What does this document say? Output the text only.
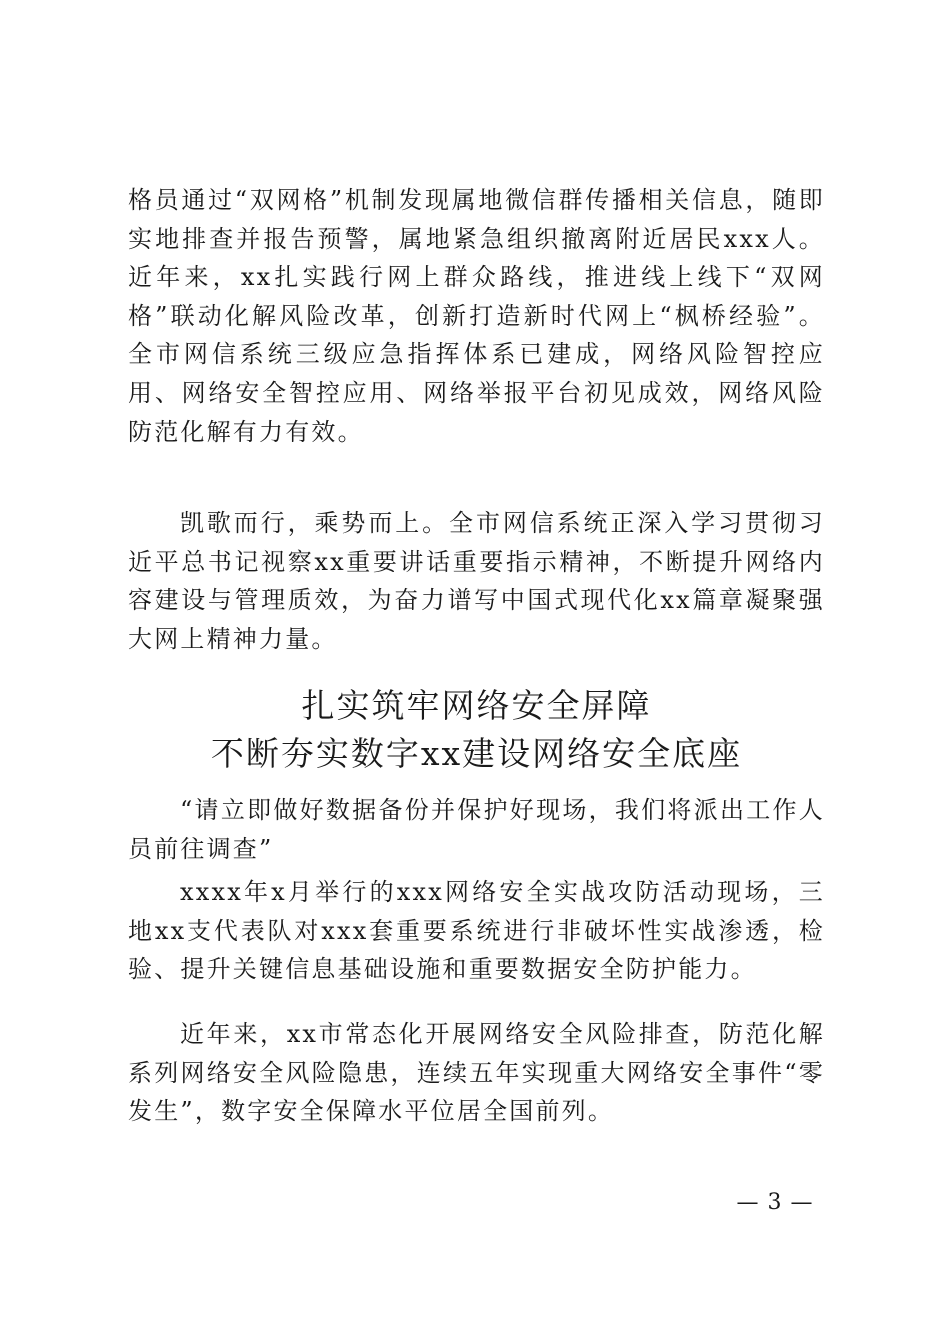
格员通过“双网格”机制发现属地微信群传播相关信息，随即实地排查并报告预警，属地紧急组织撤离附近居民xxx人。近年来，xx扎实践行网上群众路线，推进线上线下“双网格”联动化解风险改革，创新打造新时代网上“枫桥经验”。全市网信系统三级应急指挥体系已建成，网络风险智控应用、网络安全智控应用、网络举报平台初见成效，网络风险防范化解有力有效。

凯歌而行，乘势而上。全市网信系统正深入学习贯彻习近平总书记视察xx重要讲话重要指示精神，不断提升网络内容建设与管理质效，为奋力谱写中国式现代化xx篇章凝聚强大网上精神力量。

扎实筑牢网络安全屏障
不断夯实数字xx建设网络安全底座

“请立即做好数据备份并保护好现场，我们将派出工作人员前往调查”

xxxx年x月举行的xxx网络安全实战攻防活动现场，三地xx支代表队对xxx套重要系统进行非破坏性实战渗透，检验、提升关键信息基础设施和重要数据安全防护能力。

近年来，xx市常态化开展网络安全风险排查，防范化解系列网络安全风险隐患，连续五年实现重大网络安全事件“零发生”，数字安全保障水平位居全国前列。

— 3 —
